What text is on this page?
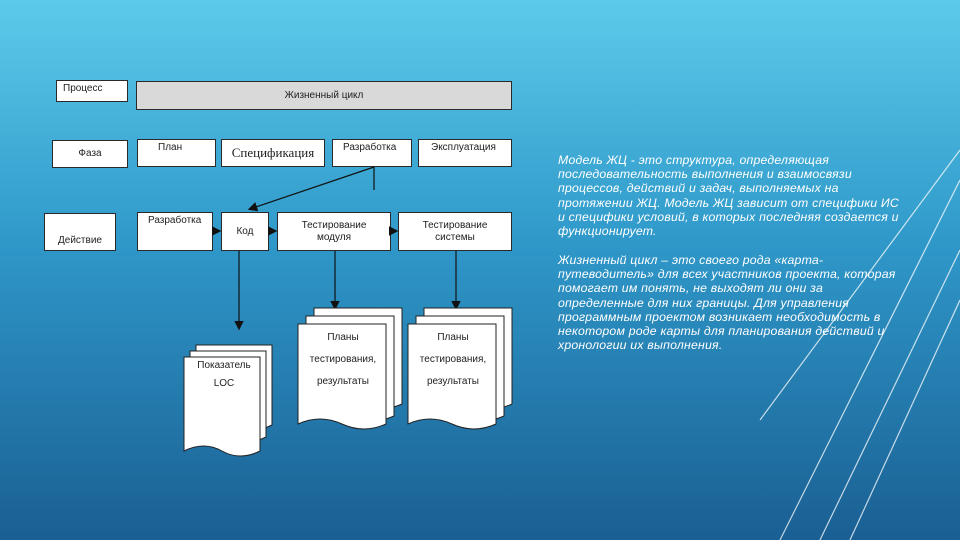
Процесс
Фаза
Действие
Жизненный цикл
План	Спецификация	Разработка	Эксплуатация
Разработка
Код
Тестирование модуля
Тестирование системы
Показатель
LOC
Планы
тестирования,
результаты
Планы
тестирования,
результаты
Модель ЖЦ - это структура, определяющая последовательность выполнения и взаимосвязи процессов, действий и задач, выполняемых на протяжении ЖЦ. Модель ЖЦ зависит от специфики ИС и специфики условий, в которых последняя создается и функционирует.
Жизненный цикл – это своего рода «карта-путеводитель» для всех участников проекта, которая помогает им понять, не выходят ли они за определенные для них границы. Для управления программным проектом возникает необходимость в некотором роде карты для планирования действий и хронологии их выполнения.
